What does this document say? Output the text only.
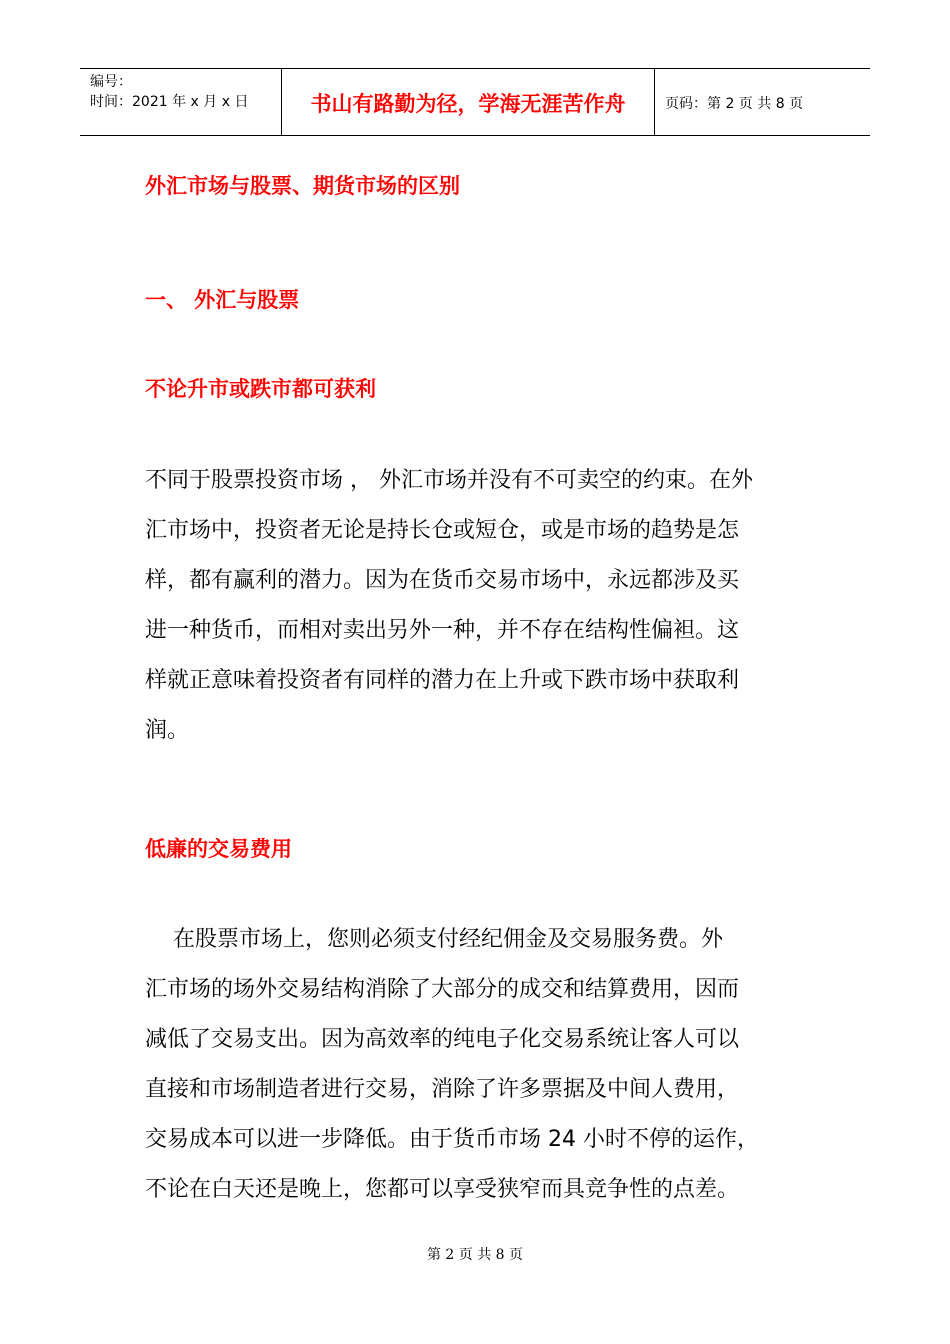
编号：
时间：2021 年 x 月 x 日	书山有路勤为径，学海无涯苦作舟	页码：第 2 页 共 8 页
外汇市场与股票、期货市场的区别
一、 外汇与股票
不论升市或跌市都可获利
不同于股票投资市场 ， 外汇市场并没有不可卖空的约束。在外
汇市场中，投资者无论是持长仓或短仓，或是市场的趋势是怎
样，都有赢利的潜力。因为在货币交易市场中，永远都涉及买
进一种货币，而相对卖出另外一种，并不存在结构性偏袒。这
样就正意味着投资者有同样的潜力在上升或下跌市场中获取利
润。
低廉的交易费用
在股票市场上，您则必须支付经纪佣金及交易服务费。外
汇市场的场外交易结构消除了大部分的成交和结算费用，因而
减低了交易支出。因为高效率的纯电子化交易系统让客人可以
直接和市场制造者进行交易，消除了许多票据及中间人费用，
交易成本可以进一步降低。由于货币市场 24 小时不停的运作，
不论在白天还是晚上，您都可以享受狭窄而具竞争性的点差。
第 2 页 共 8 页
